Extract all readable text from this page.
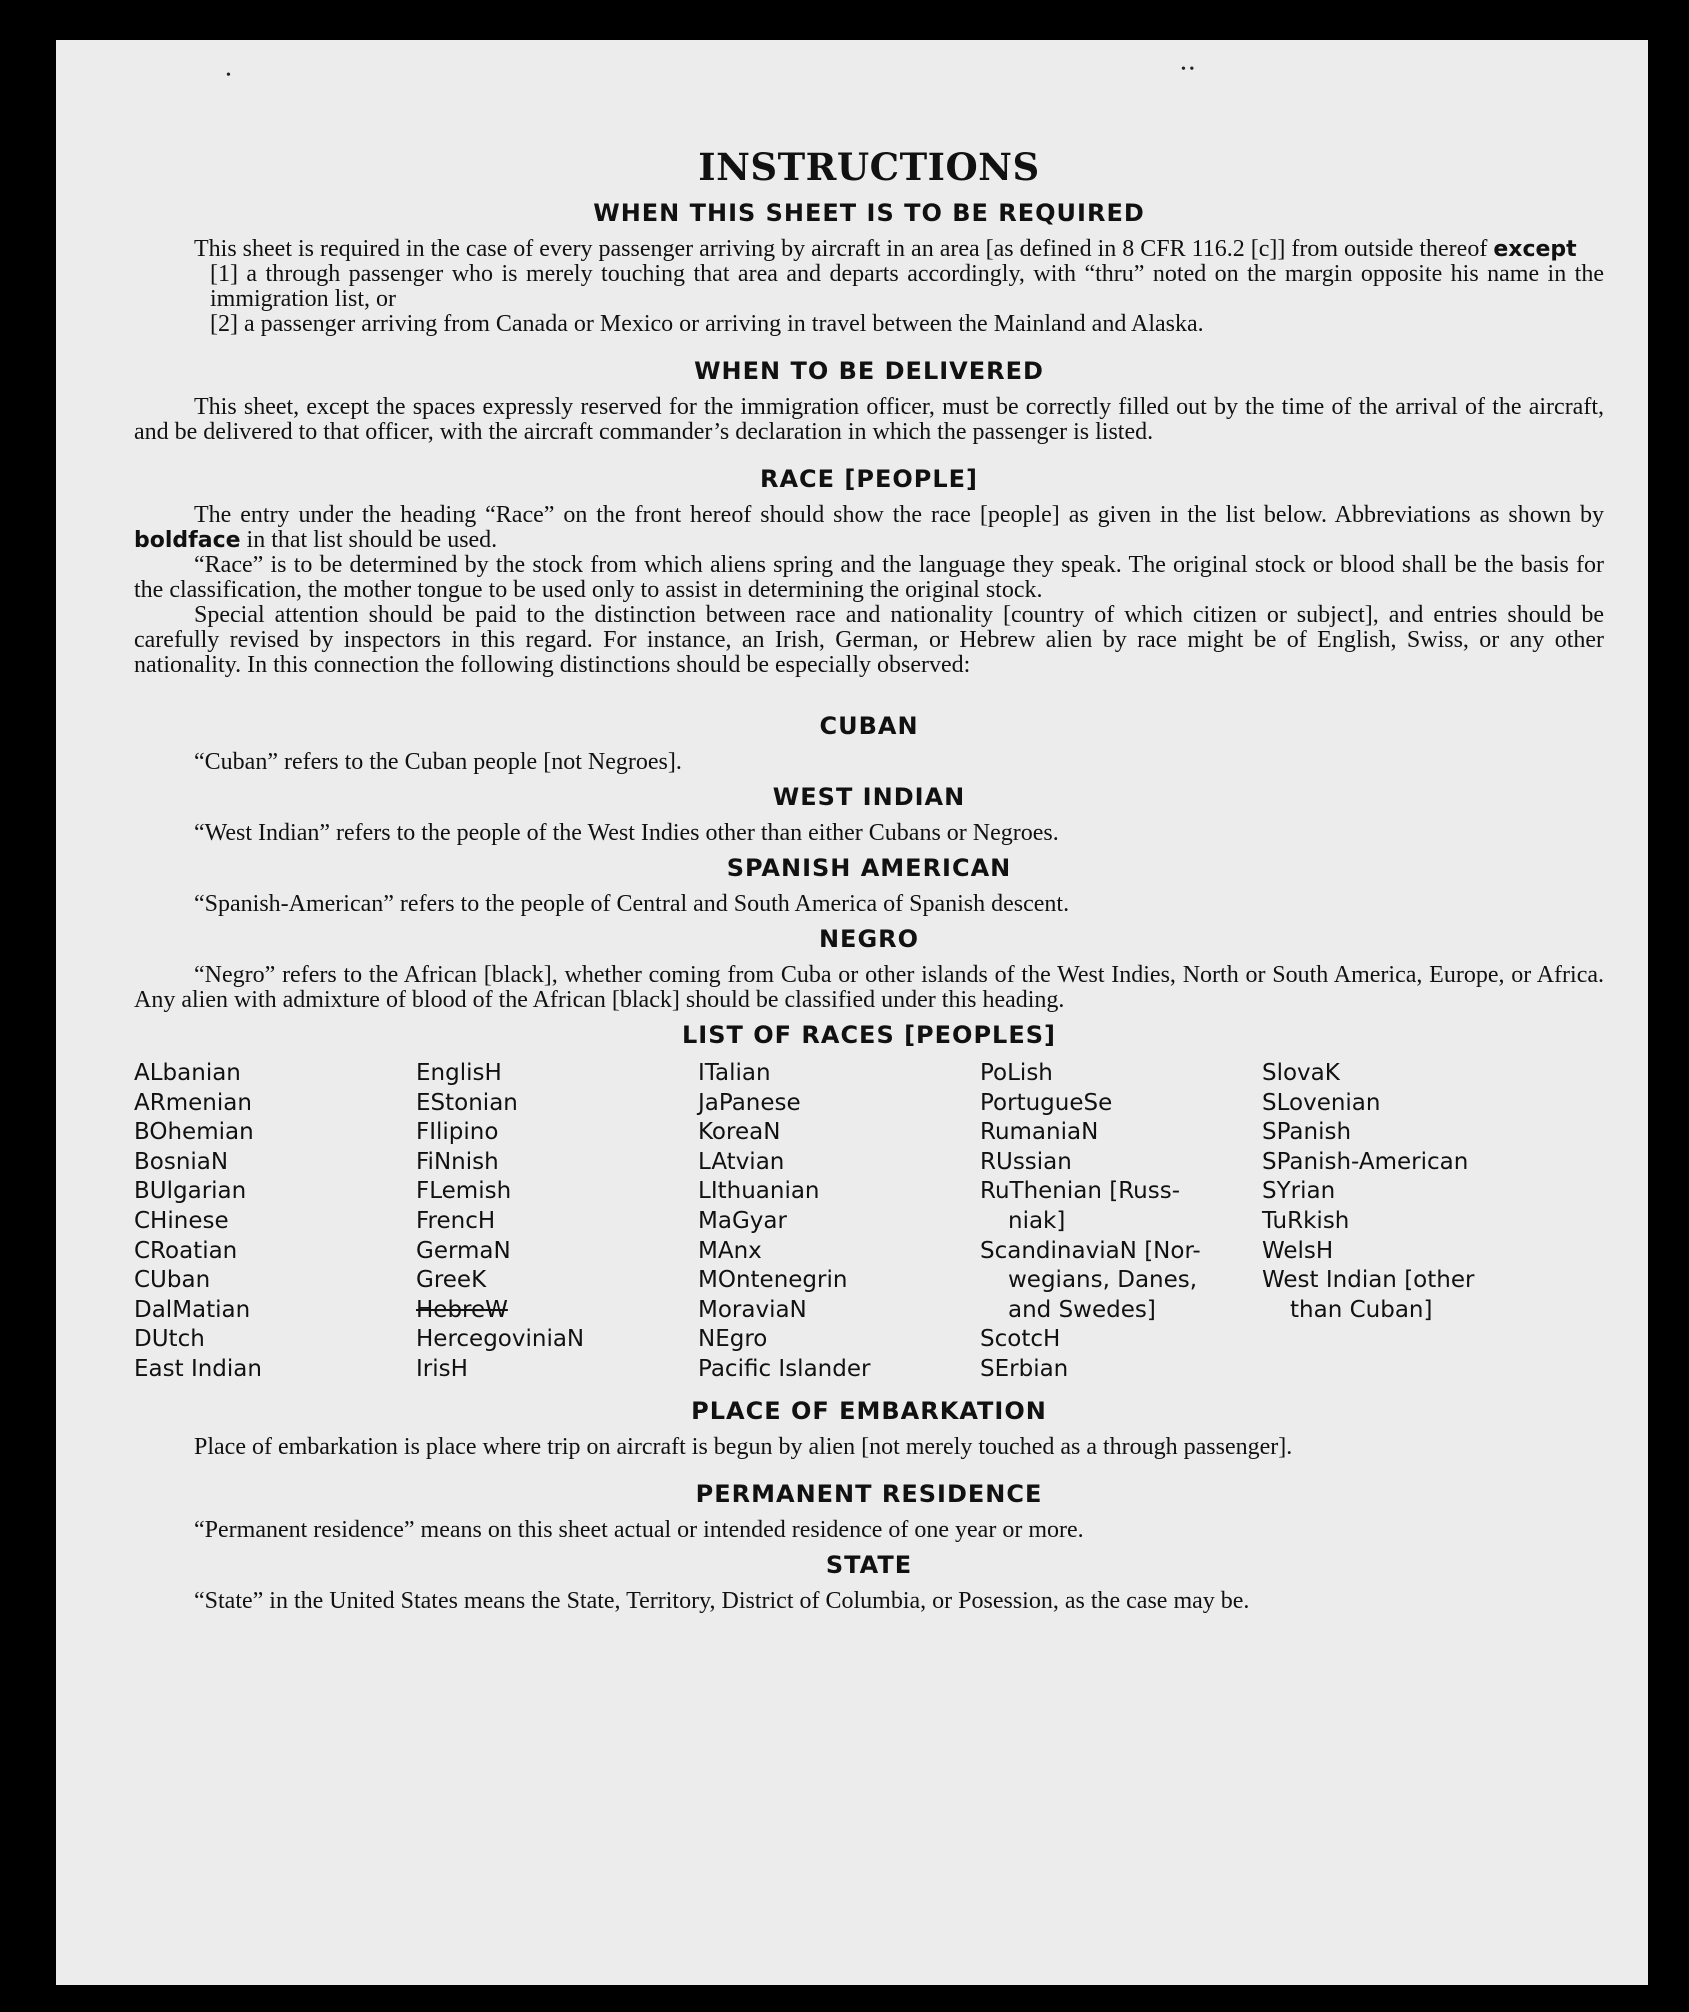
•	• •
INSTRUCTIONS
WHEN THIS SHEET IS TO BE REQUIRED

This sheet is required in the case of every passenger arriving by aircraft in an area [as defined in 8 CFR 116.2 [c]] from outside thereof except

[1] a through passenger who is merely touching that area and departs accordingly, with “thru” noted on the margin opposite his name in the immigration list, or

[2] a passenger arriving from Canada or Mexico or arriving in travel between the Mainland and Alaska.

WHEN TO BE DELIVERED

This sheet, except the spaces expressly reserved for the immigration officer, must be correctly filled out by the time of the arrival of the aircraft, and be delivered to that officer, with the aircraft commander’s declaration in which the passenger is listed.

RACE [PEOPLE]

The entry under the heading “Race” on the front hereof should show the race [people] as given in the list below. Abbreviations as shown by boldface in that list should be used.

“Race” is to be determined by the stock from which aliens spring and the language they speak. The original stock or blood shall be the basis for the classification, the mother tongue to be used only to assist in determining the original stock.

Special attention should be paid to the distinction between race and nationality [country of which citizen or subject], and entries should be carefully revised by inspectors in this regard. For instance, an Irish, German, or Hebrew alien by race might be of English, Swiss, or any other nationality. In this connection the following distinctions should be especially observed:

CUBAN

“Cuban” refers to the Cuban people [not Negroes].

WEST INDIAN

“West Indian” refers to the people of the West Indies other than either Cubans or Negroes.

SPANISH AMERICAN

“Spanish-American” refers to the people of Central and South America of Spanish descent.

NEGRO

“Negro” refers to the African [black], whether coming from Cuba or other islands of the West Indies, North or South America, Europe, or Africa. Any alien with admixture of blood of the African [black] should be classified under this heading.

LIST OF RACES [PEOPLES]
ALbanian
ARmenian
BOhemian
BosniaN
BUlgarian
CHinese
CRoatian
CUban
DalMatian
DUtch
East Indian
EnglisH
EStonian
FIlipino
FiNnish
FLemish
FrencH
GermaN
GreeK
HebreW
HercegoviniaN
IrisH
ITalian
JaPanese
KoreaN
LAtvian
LIthuanian
MaGyar
MAnx
MOntenegrin
MoraviaN
NEgro
Pacific Islander
PoLish
PortugueSe
RumaniaN
RUssian
RuThenian [Russ-
niak]
ScandinaviaN [Nor-
wegians, Danes,
and Swedes]
ScotcH
SErbian
SlovaK
SLovenian
SPanish
SPanish-American
SYrian
TuRkish
WelsH
West Indian [other
than Cuban]
PLACE OF EMBARKATION

Place of embarkation is place where trip on aircraft is begun by alien [not merely touched as a through passenger].

PERMANENT RESIDENCE

“Permanent residence” means on this sheet actual or intended residence of one year or more.

STATE

“State” in the United States means the State, Territory, District of Columbia, or Posession, as the case may be.
